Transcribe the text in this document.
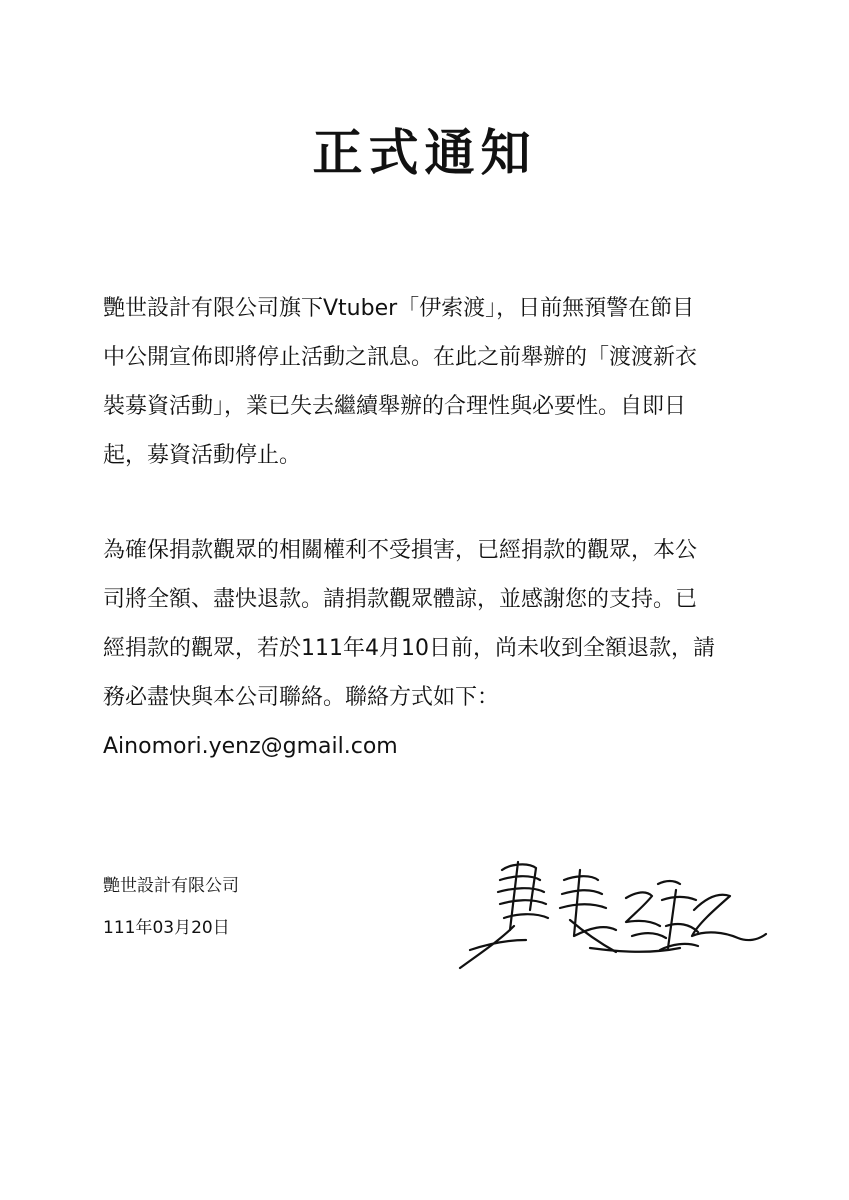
正式通知
艷世設計有限公司旗下Vtuber「伊索渡」，日前無預警在節目
中公開宣佈即將停止活動之訊息。在此之前舉辦的「渡渡新衣
裝募資活動」，業已失去繼續舉辦的合理性與必要性。自即日
起，募資活動停止。
為確保捐款觀眾的相關權利不受損害，已經捐款的觀眾，本公
司將全額、盡快退款。請捐款觀眾體諒，並感謝您的支持。已
經捐款的觀眾，若於111年4月10日前，尚未收到全額退款，請
務必盡快與本公司聯絡。聯絡方式如下：
Ainomori.yenz@gmail.com
艷世設計有限公司
111年03月20日
